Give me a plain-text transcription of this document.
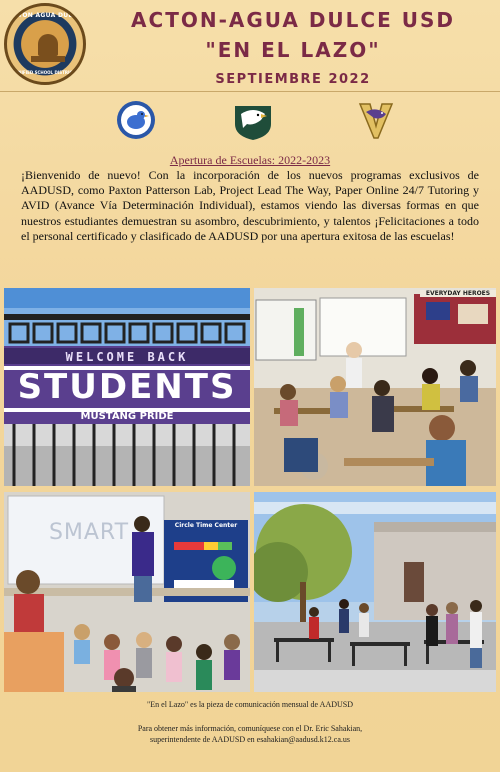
ACTON AGUA DULCE
UNIFIED SCHOOL DISTRICT
ACTON-AGUA DULCE USD
"EN EL LAZO"
SEPTIEMBRE 2022
Apertura de Escuelas: 2022-2023
¡Bienvenido de nuevo! Con la incorporación de los nuevos programas exclusivos de AADUSD, como Paxton Patterson Lab, Project Lead The Way, Paper Online 24/7 Tutoring y AVID (Avance Vía Determinación Individual), estamos viendo las diversas formas en que nuestros estudiantes demuestran su asombro, descubrimiento, y talentos ¡Felicitaciones a todo el personal certificado y clasificado de AADUSD por una apertura exitosa de las escuelas!
WELCOME BACK
STUDENTS
MUSTANG PRIDE
EVERYDAY HEROES
SMART	Circle Time Center
"En el Lazo" es la pieza de comunicación mensual de AADUSD
Para obtener más información, comuníquese con el Dr. Eric Sahakian,
superintendente de AADUSD en esahakian@aadusd.k12.ca.us
